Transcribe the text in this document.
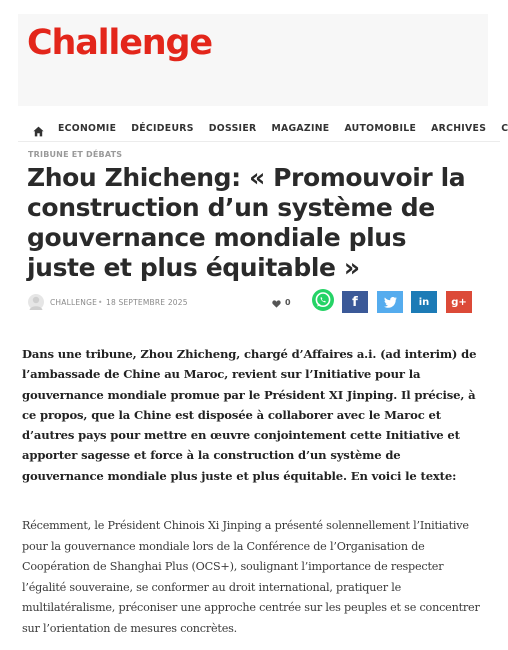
Challenge
ECONOMIE DÉCIDEURS DOSSIER MAGAZINE AUTOMOBILE ARCHIVES C
TRIBUNE ET DÉBATS
Zhou Zhicheng: « Promouvoir la construction d’un système de gouvernance mondiale plus juste et plus équitable »
CHALLENGE • 18 SEPTEMBRE 2025	0	f	in	g+

Dans une tribune, Zhou Zhicheng, chargé d’Affaires a.i. (ad interim) de l’ambassade de Chine au Maroc, revient sur l’Initiative pour la gouvernance mondiale promue par le Président XI Jinping. Il précise, à ce propos, que la Chine est disposée à collaborer avec le Maroc et d’autres pays pour mettre en œuvre conjointement cette Initiative et apporter sagesse et force à la construction d’un système de gouvernance mondiale plus juste et plus équitable. En voici le texte:

Récemment, le Président Chinois Xi Jinping a présenté solennellement l’Initiative pour la gouvernance mondiale lors de la Conférence de l’Organisation de Coopération de Shanghai Plus (OCS+), soulignant l’importance de respecter l’égalité souveraine, se conformer au droit international, pratiquer le multilatéralisme, préconiser une approche centrée sur les peuples et se concentrer sur l’orientation de mesures concrètes.
